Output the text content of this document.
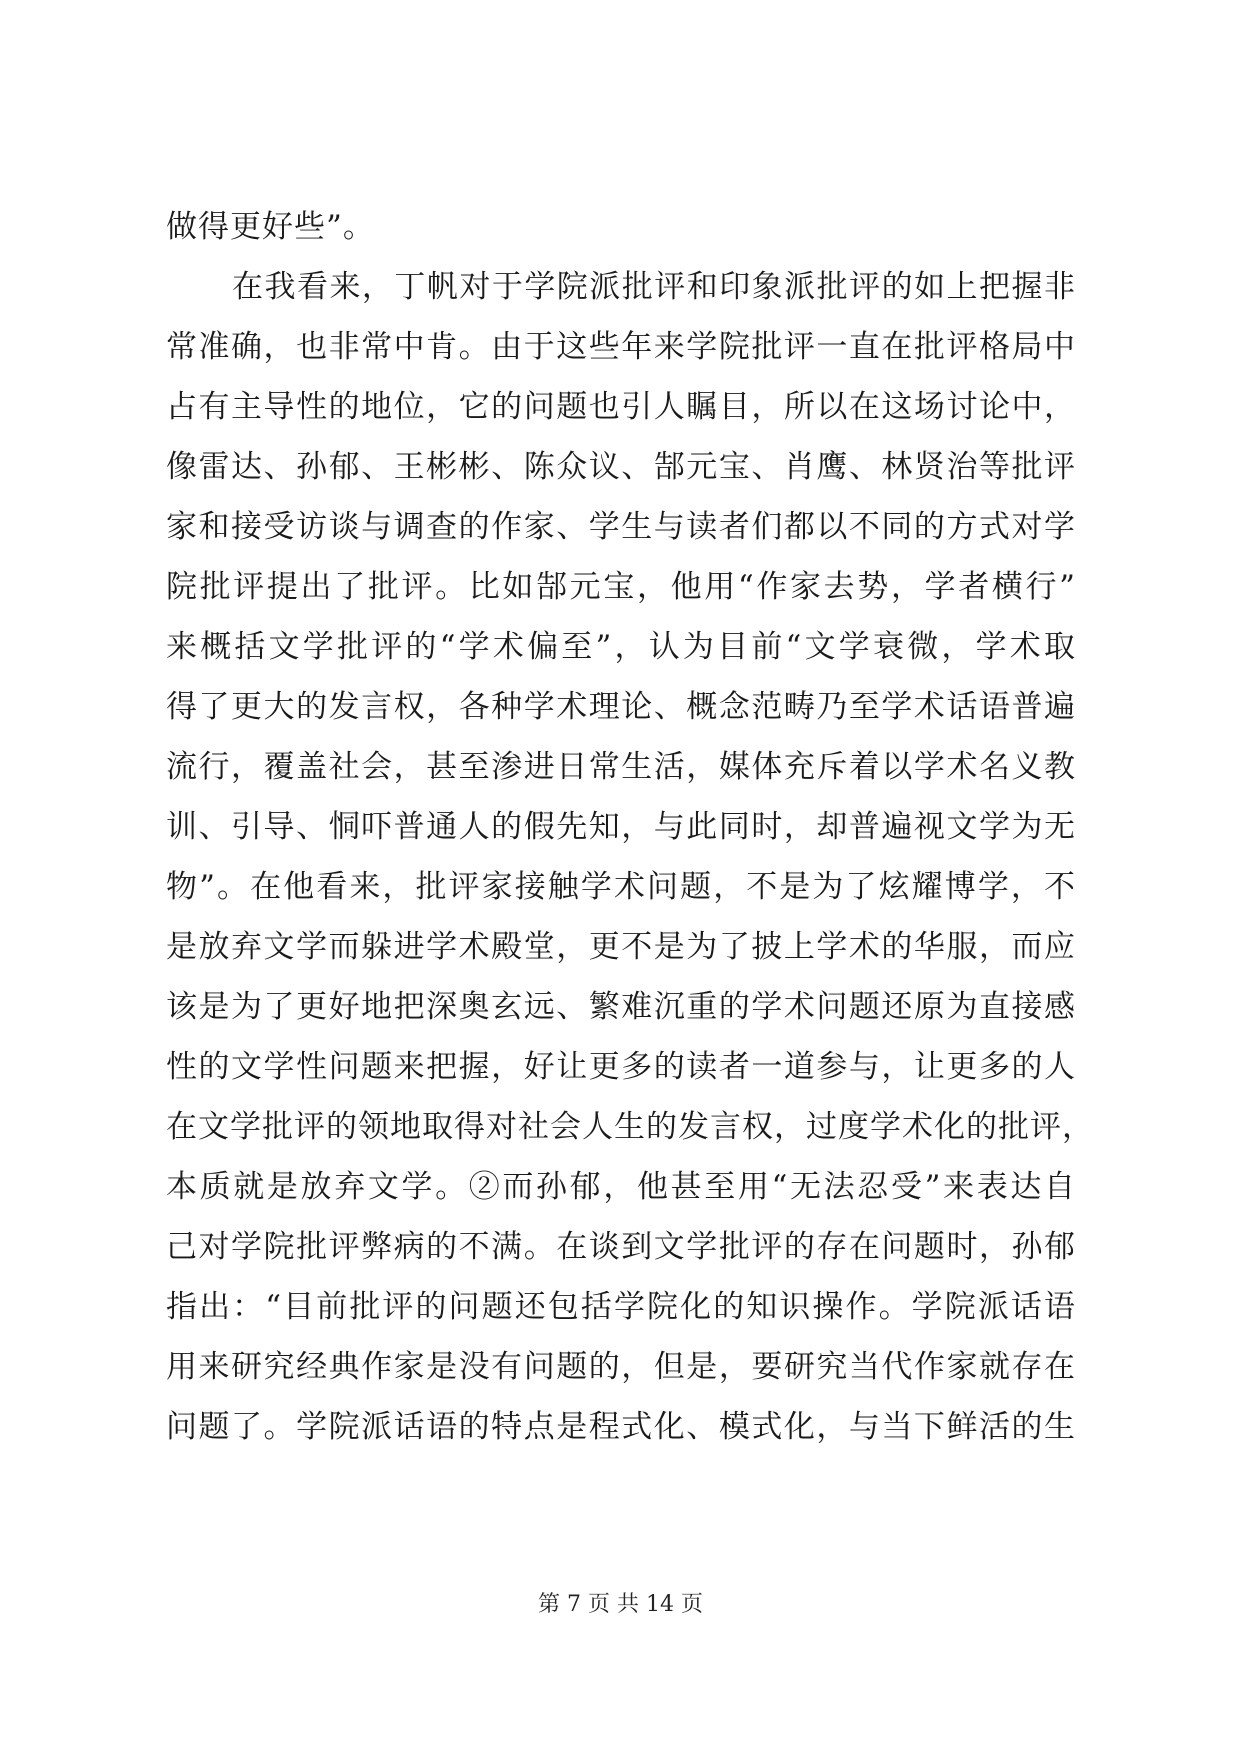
做得更好些”。
在我看来，丁帆对于学院派批评和印象派批评的如上把握非
常准确，也非常中肯。由于这些年来学院批评一直在批评格局中
占有主导性的地位，它的问题也引人瞩目，所以在这场讨论中，
像雷达、孙郁、王彬彬、陈众议、郜元宝、肖鹰、林贤治等批评
家和接受访谈与调查的作家、学生与读者们都以不同的方式对学
院批评提出了批评。比如郜元宝，他用“作家去势，学者横行”
来概括文学批评的“学术偏至”，认为目前“文学衰微，学术取
得了更大的发言权，各种学术理论、概念范畴乃至学术话语普遍
流行，覆盖社会，甚至渗进日常生活，媒体充斥着以学术名义教
训、引导、恫吓普通人的假先知，与此同时，却普遍视文学为无
物”。在他看来，批评家接触学术问题，不是为了炫耀博学，不
是放弃文学而躲进学术殿堂，更不是为了披上学术的华服，而应
该是为了更好地把深奥玄远、繁难沉重的学术问题还原为直接感
性的文学性问题来把握，好让更多的读者一道参与，让更多的人
在文学批评的领地取得对社会人生的发言权，过度学术化的批评，
本质就是放弃文学。②而孙郁，他甚至用“无法忍受”来表达自
己对学院批评弊病的不满。在谈到文学批评的存在问题时，孙郁
指出：“目前批评的问题还包括学院化的知识操作。学院派话语
用来研究经典作家是没有问题的，但是，要研究当代作家就存在
问题了。学院派话语的特点是程式化、模式化，与当下鲜活的生
第 7 页 共 14 页
